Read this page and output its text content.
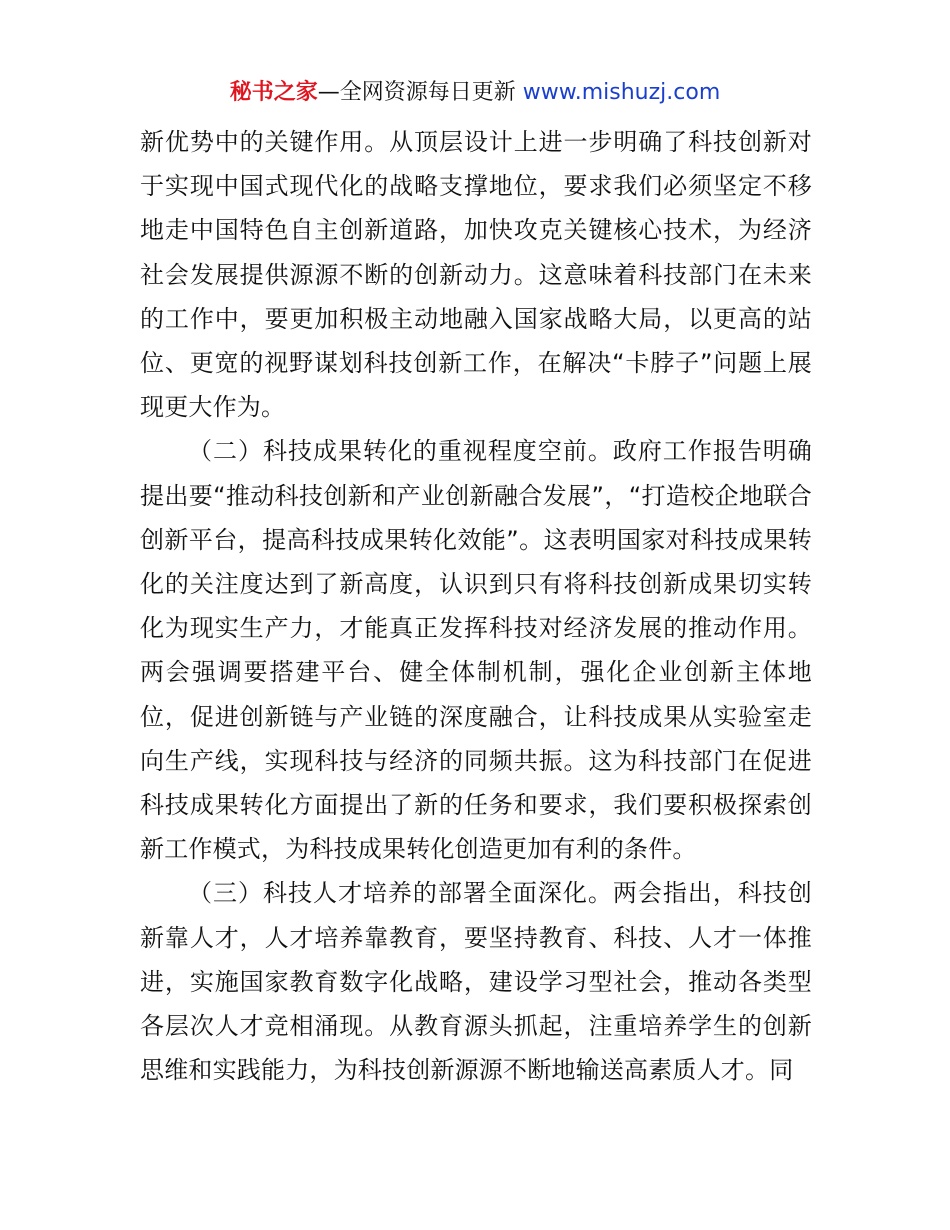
秘书之家—全网资源每日更新 www.mishuzj.com

新优势中的关键作用。从顶层设计上进一步明确了科技创新对于实现中国式现代化的战略支撑地位，要求我们必须坚定不移地走中国特色自主创新道路，加快攻克关键核心技术，为经济社会发展提供源源不断的创新动力。这意味着科技部门在未来的工作中，要更加积极主动地融入国家战略大局，以更高的站位、更宽的视野谋划科技创新工作，在解决“卡脖子”问题上展现更大作为。

（二）科技成果转化的重视程度空前。政府工作报告明确提出要“推动科技创新和产业创新融合发展”，“打造校企地联合创新平台，提高科技成果转化效能”。这表明国家对科技成果转化的关注度达到了新高度，认识到只有将科技创新成果切实转化为现实生产力，才能真正发挥科技对经济发展的推动作用。两会强调要搭建平台、健全体制机制，强化企业创新主体地位，促进创新链与产业链的深度融合，让科技成果从实验室走向生产线，实现科技与经济的同频共振。这为科技部门在促进科技成果转化方面提出了新的任务和要求，我们要积极探索创新工作模式，为科技成果转化创造更加有利的条件。

（三）科技人才培养的部署全面深化。两会指出，科技创新靠人才，人才培养靠教育，要坚持教育、科技、人才一体推进，实施国家教育数字化战略，建设学习型社会，推动各类型各层次人才竞相涌现。从教育源头抓起，注重培养学生的创新思维和实践能力，为科技创新源源不断地输送高素质人才。同
